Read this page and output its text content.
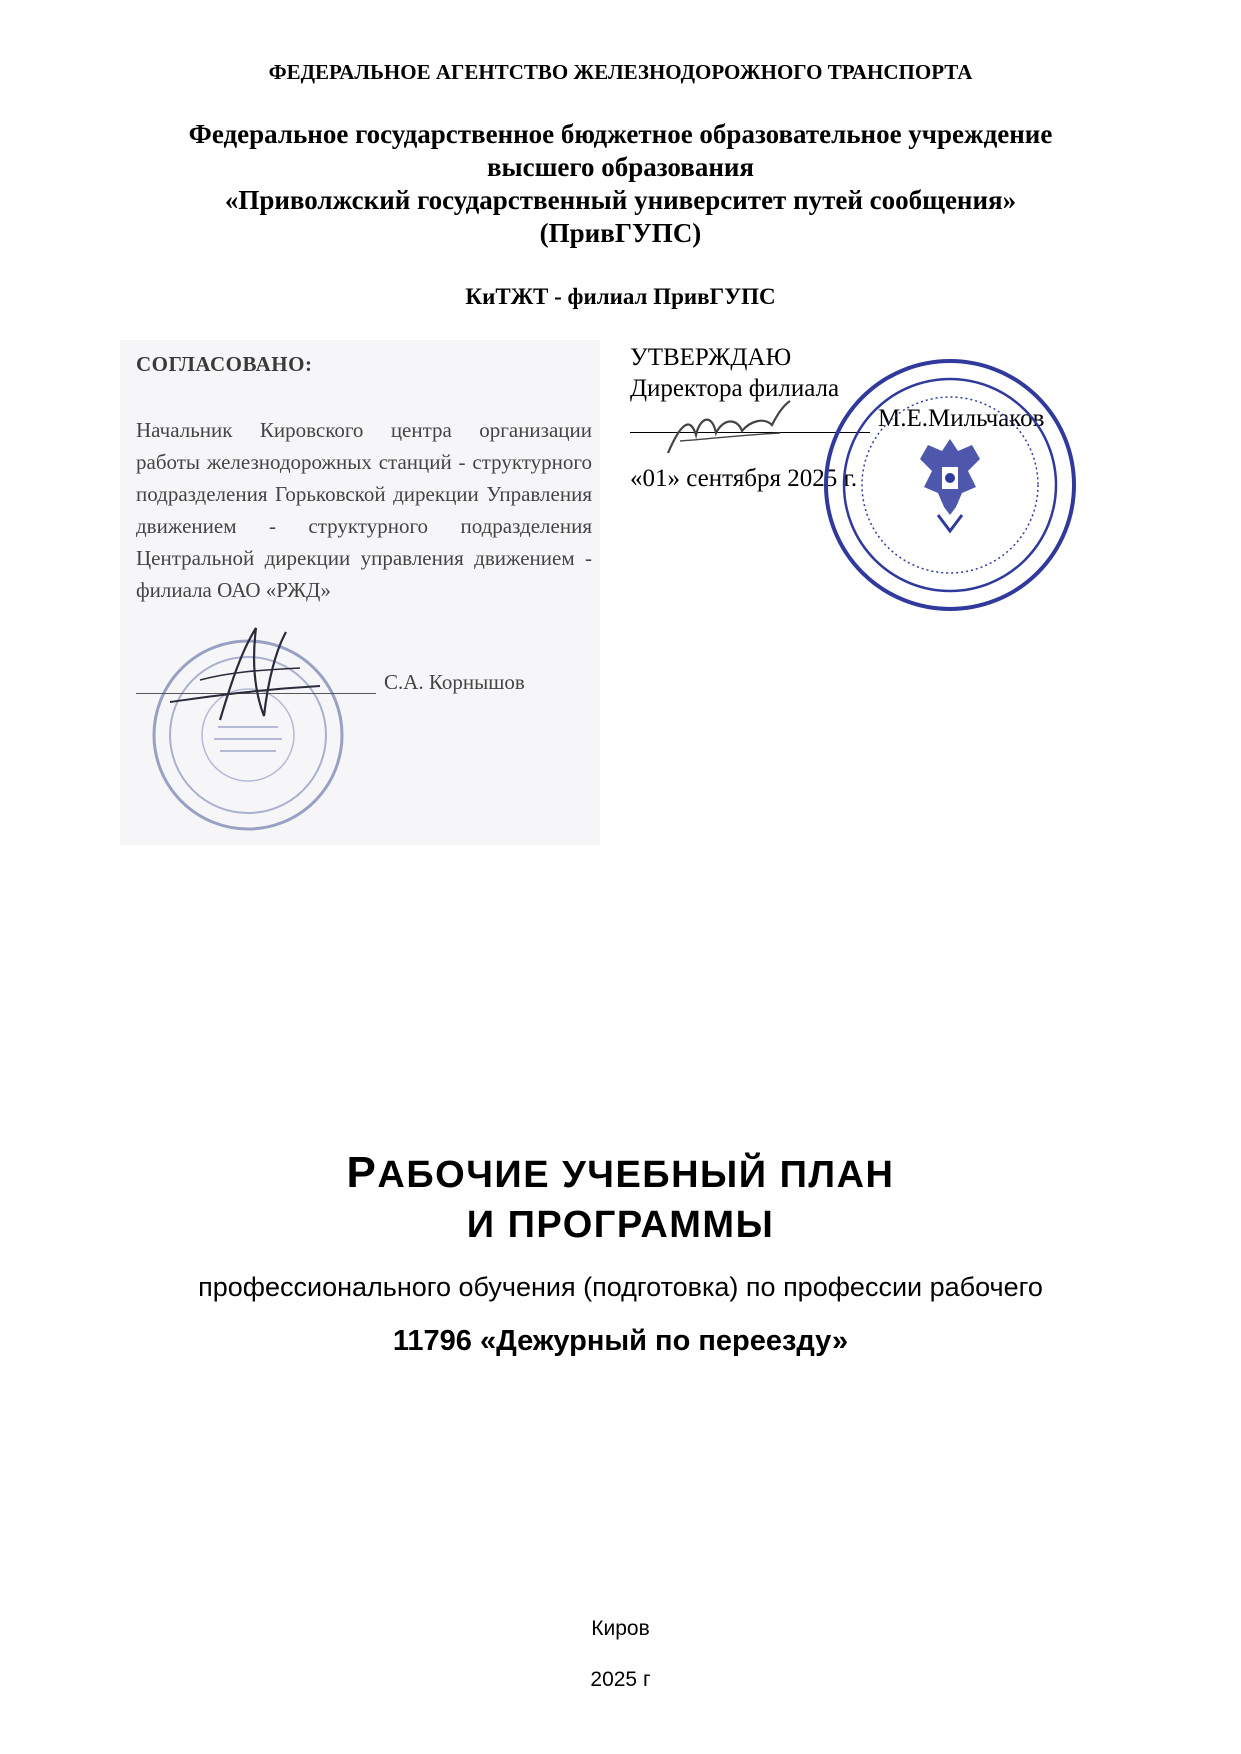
ФЕДЕРАЛЬНОЕ АГЕНТСТВО ЖЕЛЕЗНОДОРОЖНОГО ТРАНСПОРТА
Федеральное государственное бюджетное образовательное учреждение
высшего образования
«Приволжский государственный университет путей сообщения»
(ПривГУПС)
КиТЖТ - филиал ПривГУПС
СОГЛАСОВАНО:
Начальник Кировского центра организации работы железнодорожных станций - структурного подразделения Горьковской дирекции Управления движением - структурного подразделения Центральной дирекции управления движением - филиала ОАО «РЖД»
С.А. Корнышов
УТВЕРЖДАЮ
Директора филиала
М.Е.Мильчаков
«01» сентября 2025 г.
РАБОЧИЕ УЧЕБНЫЙ ПЛАН
И ПРОГРАММЫ
профессионального обучения (подготовка) по профессии рабочего
11796 «Дежурный по переезду»
Киров
2025 г
